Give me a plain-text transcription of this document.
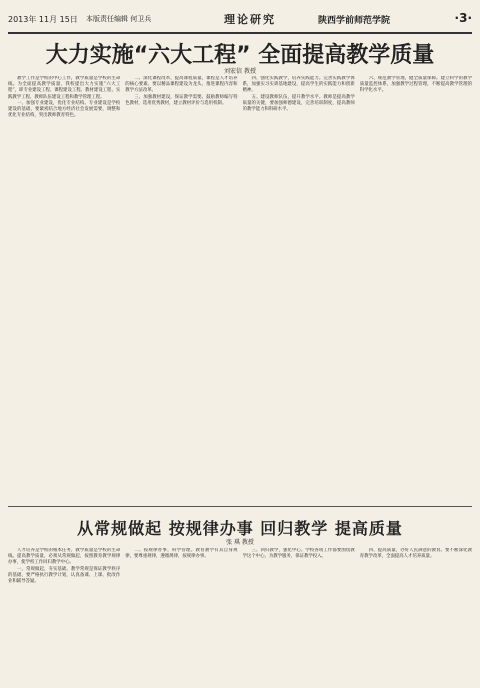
2013年 11月 15日 本版责任编辑 何卫兵	理论研究	陕西学前师范学院	·3·
大力实施“六大工程” 全面提高教学质量
刘宏信 教授

教学工作是学校的中心工作，教学质量是学校的生命线。为全面提高教学质量，我校提出大力实施“六大工程”，即专业建设工程、课程建设工程、教材建设工程、实践教学工程、教师队伍建设工程和教学管理工程。

一、加强专业建设，优化专业结构。专业建设是学校建设的基础，要紧密结合地方经济社会发展需要，调整和优化专业结构，突出教师教育特色。

二、深化课程改革，提高课程质量。课程是人才培养的核心要素，要以精品课程建设为龙头，推进课程内容和教学方法改革。

三、加强教材建设，保证教学需要。鼓励教师编写特色教材，选用优秀教材，建立教材评价与选用机制。

四、强化实践教学，培养实践能力。完善实践教学体系，加强实习实训基地建设，提高学生的实践能力和创新精神。

五、建设教师队伍，提升教学水平。教师是提高教学质量的关键，要加强师德建设，完善培训制度，提高教师的教学能力和科研水平。

六、规范教学管理，健全质量保障。建立科学的教学质量监控体系，加强教学过程管理，不断提高教学管理的科学化水平。

从常规做起 按规律办事 回归教学 提高质量
张 琪 教授

人才培养是学校的根本任务，教学质量是学校的生命线。提高教学质量，必须从常规做起，按照教育教学规律办事，使学校工作回归教学中心。

一、常规做起，夯实基础。教学常规是保证教学秩序的基础，要严格执行教学计划，认真备课、上课、批改作业和辅导答疑。

二、按规律办事，科学管理。教育教学有其自身规律，要尊重规律，遵循规律，按规律办事。

三、回归教学，强化中心。学校各项工作都要围绕教学这个中心，为教学服务，保证教学投入。

四、提高质量，办好人民满意的教育。要不断深化教育教学改革，全面提高人才培养质量。
